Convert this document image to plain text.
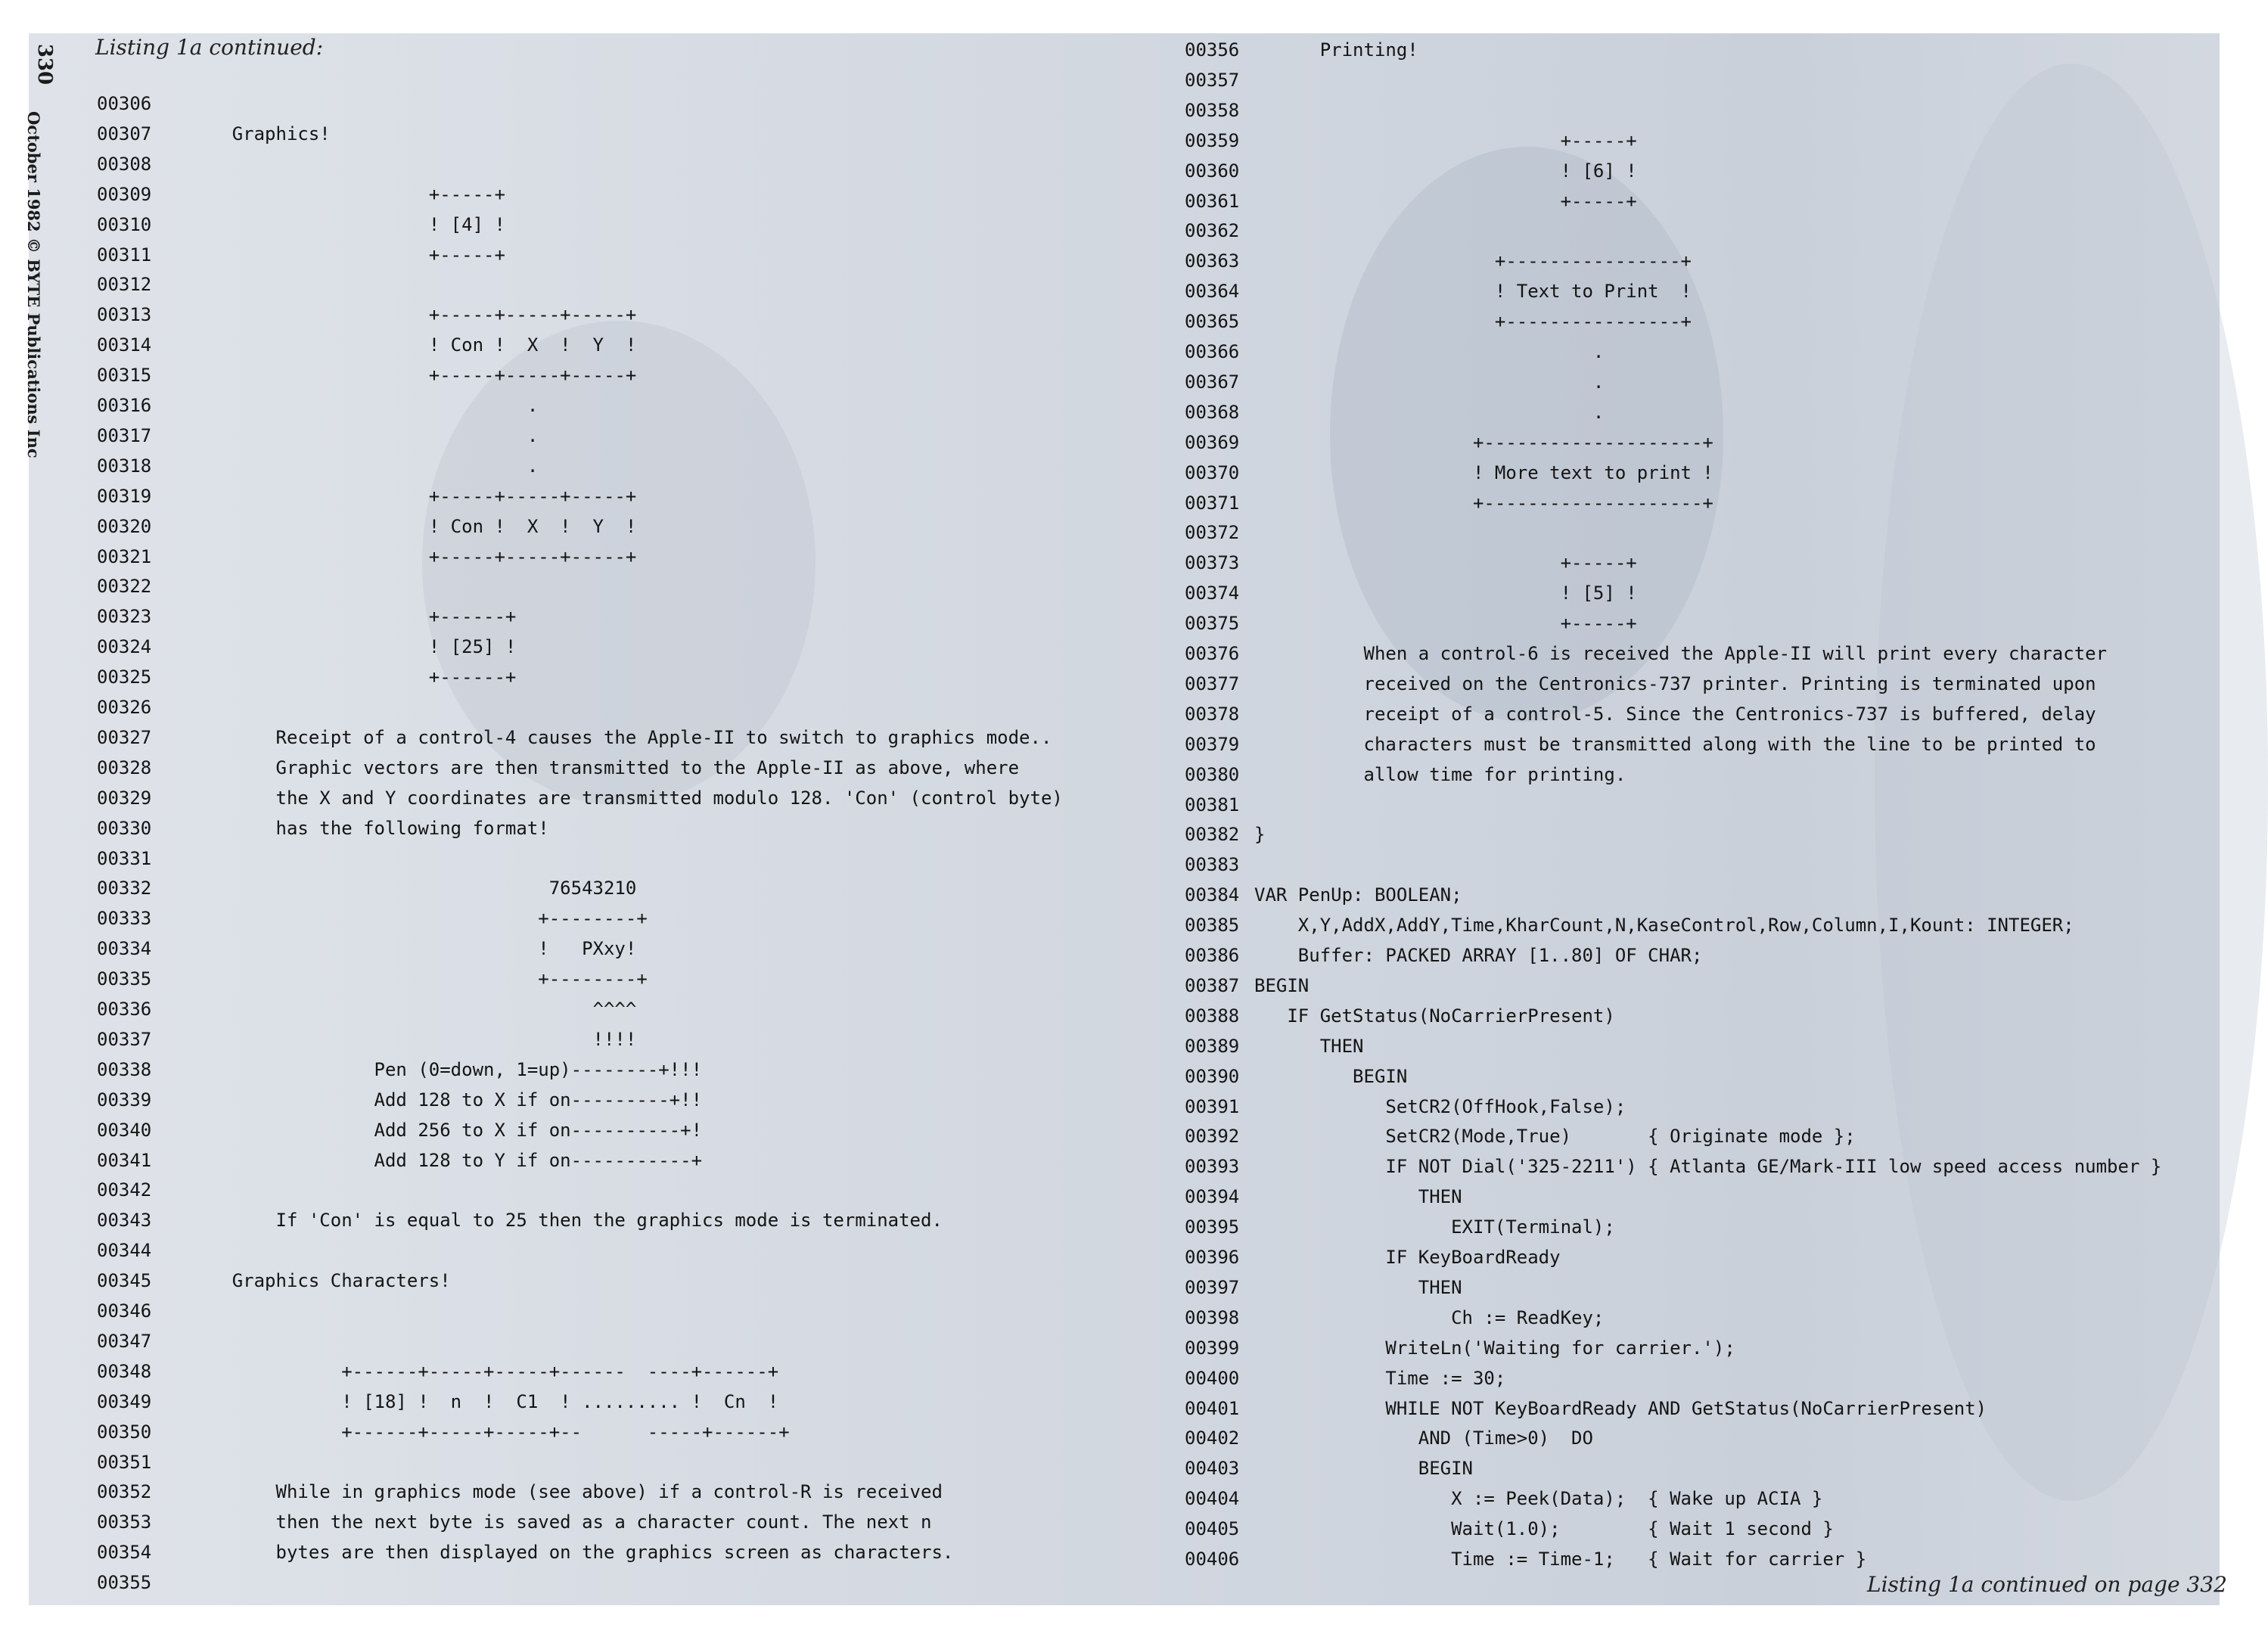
330
October 1982 © BYTE Publications Inc
Listing 1a continued:
Listing 1a continued on page 332
00306
00307 Graphics!
00308
00309 +-----+
00310 ! [4] !
00311 +-----+
00312
00313 +-----+-----+-----+
00314 ! Con !  X  !  Y  !
00315 +-----+-----+-----+
00316 .
00317 .
00318 .
00319 +-----+-----+-----+
00320 ! Con !  X  !  Y  !
00321 +-----+-----+-----+
00322
00323 +------+
00324 ! [25] !
00325 +------+
00326
00327 Receipt of a control-4 causes the Apple-II to switch to graphics mode..
00328 Graphic vectors are then transmitted to the Apple-II as above, where
00329 the X and Y coordinates are transmitted modulo 128. 'Con' (control byte)
00330 has the following format!
00331
00332 76543210
00333 +--------+
00334 !   PXxy!
00335 +--------+
00336 ^^^^
00337 !!!!
00338 Pen (0=down, 1=up)--------+!!!
00339 Add 128 to X if on---------+!!
00340 Add 256 to X if on----------+!
00341 Add 128 to Y if on-----------+
00342
00343 If 'Con' is equal to 25 then the graphics mode is terminated.
00344
00345 Graphics Characters!
00346
00347
00348 +------+-----+-----+------  ----+------+
00349 ! [18] !  n  !  C1  ! ......... !  Cn  !
00350 +------+-----+-----+--      -----+------+
00351
00352 While in graphics mode (see above) if a control-R is received
00353 then the next byte is saved as a character count. The next n
00354 bytes are then displayed on the graphics screen as characters.
00355
00356 Printing!
00357
00358
00359 +-----+
00360 ! [6] !
00361 +-----+
00362
00363 +----------------+
00364 ! Text to Print  !
00365 +----------------+
00366 .
00367 .
00368 .
00369 +--------------------+
00370 ! More text to print !
00371 +--------------------+
00372
00373 +-----+
00374 ! [5] !
00375 +-----+
00376 When a control-6 is received the Apple-II will print every character
00377 received on the Centronics-737 printer. Printing is terminated upon
00378 receipt of a control-5. Since the Centronics-737 is buffered, delay
00379 characters must be transmitted along with the line to be printed to
00380 allow time for printing.
00381
00382 }
00383
00384 VAR PenUp: BOOLEAN;
00385 X,Y,AddX,AddY,Time,KharCount,N,KaseControl,Row,Column,I,Kount: INTEGER;
00386 Buffer: PACKED ARRAY [1..80] OF CHAR;
00387 BEGIN
00388 IF GetStatus(NoCarrierPresent)
00389 THEN
00390 BEGIN
00391 SetCR2(OffHook,False);
00392 SetCR2(Mode,True)       { Originate mode };
00393 IF NOT Dial('325-2211') { Atlanta GE/Mark-III low speed access number }
00394 THEN
00395 EXIT(Terminal);
00396 IF KeyBoardReady
00397 THEN
00398 Ch := ReadKey;
00399 WriteLn('Waiting for carrier.');
00400 Time := 30;
00401 WHILE NOT KeyBoardReady AND GetStatus(NoCarrierPresent)
00402 AND (Time>0)  DO
00403 BEGIN
00404 X := Peek(Data);  { Wake up ACIA }
00405 Wait(1.0);        { Wait 1 second }
00406 Time := Time-1;   { Wait for carrier }
